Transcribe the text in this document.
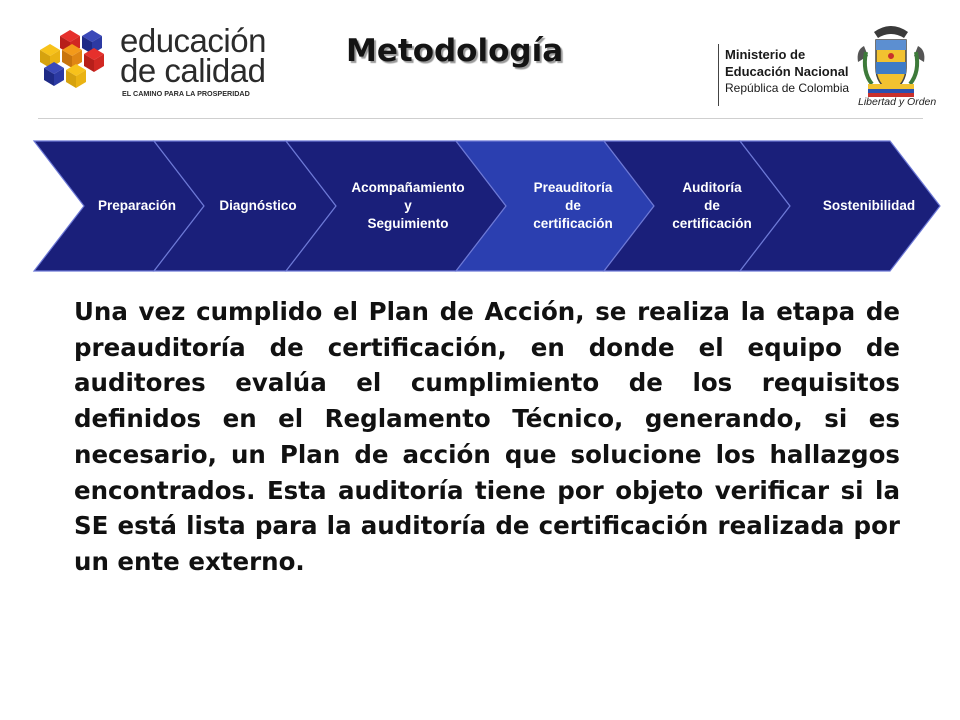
educación
de calidad
EL CAMINO PARA LA PROSPERIDAD
Metodología	Ministerio de
Educación Nacional
República de Colombia
Libertad y Orden
Preparación	Diagnóstico
Acompañamiento
y
Seguimiento
Preauditoría
de
certificación
Auditoría
de
certificación
Sostenibilidad

Una vez cumplido el Plan de Acción, se realiza la etapa de preauditoría de certificación, en donde el equipo de auditores evalúa el cumplimiento de los requisitos definidos en el Reglamento Técnico, generando, si es necesario, un Plan de acción que solucione los hallazgos encontrados. Esta auditoría tiene por objeto verificar si la SE está lista para la auditoría de certificación realizada por un ente externo.
